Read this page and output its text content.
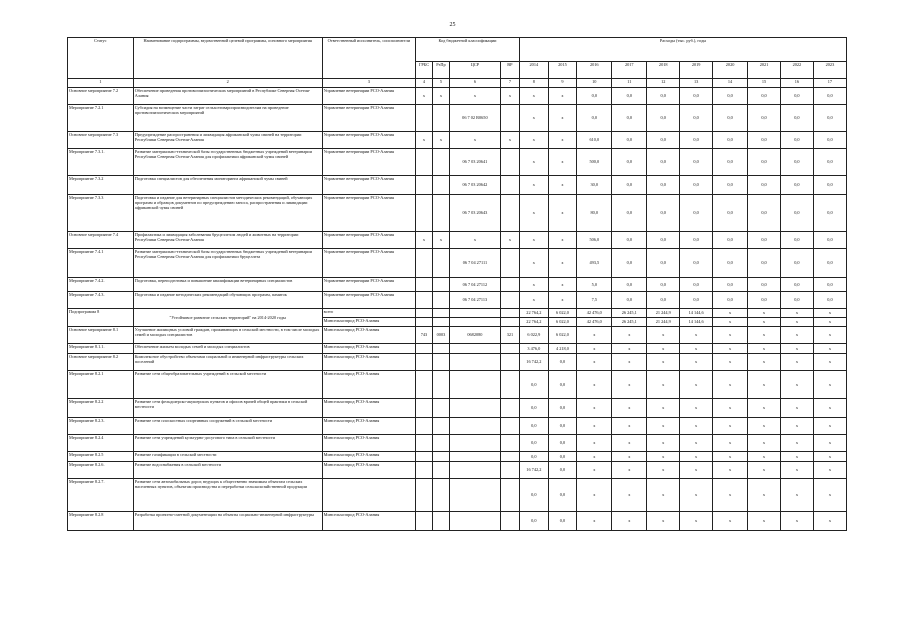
25
Статус	Наименование подпрограммы, ведомственной целевой программы, основного мероприятия	Ответственный исполнитель, соисполнители	Код бюджетной классификации				Расходы (тыс. руб.), годы									
			ГРБС	РзПр	ЦСР	ВР	2014	2015	2016	2017	2018	2019	2020	2021	2022	2023
1	2	3	4	5	6	7	8	9	10	11	12	13	14	15	16	17
Основное мероприятие 7.2	Обеспечение проведения противоэпизоотических мероприятий в Республике Северная Осетия-Алания	Управление ветеринарии РСО-Алания	x	x	x	x	x	x	0,0	0,0	0,0	0,0	0,0	0,0	0,0	0,0
Мероприятие 7.2.1	Субсидия на возмещение части затрат сельхозтоваропроизводителям на проведение противоэпизоотических мероприятий	Управление ветеринарии РСО-Алания			06 7 02 R0650		x	x	0,0	0,0	0,0	0,0	0,0	0,0	0,0	0,0
Основное мероприятие 7.3	Предупреждение распространения и ликвидация африканской чумы свиней на территории Республики Северная Осетия-Алания	Управление ветеринарии РСО-Алания	x	x	x	x	x	x	610,0	0,0	0,0	0,0	0,0	0,0	0,0	0,0
Мероприятие 7.3.1.	Развитие материально-технической базы государственных бюджетных учреждений ветеринарии Республики Северная Осетия-Алания для профилактики африканской чумы свиней	Управление ветеринарии РСО-Алания			06 7 03 20641		x	x	500,0	0,0	0,0	0,0	0,0	0,0	0,0	0,0
Мероприятие 7.3.2	Подготовка специалистов для обеспечения мониторинга африканской чумы свиней	Управление ветеринарии РСО-Алания			06 7 03 20642		x	x	30,0	0,0	0,0	0,0	0,0	0,0	0,0	0,0
Мероприятие 7.3.3	Подготовка и издание для ветеринарных специалистов методических рекомендаций, обучающих программ и образцов документов по предупреждению заноса, распространения и ликвидации африканской чумы свиней	Управление ветеринарии РСО-Алания			06 7 03 20643		x	x	80,0	0,0	0,0	0,0	0,0	0,0	0,0	0,0
Основное мероприятие 7.4	Профилактика и ликвидация заболевания бруцеллезом людей и животных на территории Республики Северная Осетия-Алания	Управление ветеринарии РСО-Алания	x	x	x	x	x	x	506,0	0,0	0,0	0,0	0,0	0,0	0,0	0,0
Мероприятие 7.4.1	Развитие материально-технической базы государственных бюджетных учреждений ветеринарии Республики Северная Осетия-Алания для профилактики бруцеллеза	Управление ветеринарии РСО-Алания			06 7 04 27111		x	x	493,5	0,0	0,0	0,0	0,0	0,0	0,0	0,0
Мероприятие 7.4.2.	Подготовка, переподготовка и повышение квалификации ветеринарных специалистов	Управление ветеринарии РСО-Алания			06 7 04 27112		x	x	5,0	0,0	0,0	0,0	0,0	0,0	0,0	0,0
Мероприятие 7.4.3.	Подготовка и издание методических рекомендаций обучающих программ, памяток	Управление ветеринарии РСО-Алания			06 7 04 27113		x	x	7,5	0,0	0,0	0,0	0,0	0,0	0,0	0,0
Подпрограмма 8	"Устойчивое развитие сельских территорий" на 2014-2020 годы	всего					22 764,2	6 022,0	42 476,0	26 245,1	21 244,9	14 144,6	x	x	x	x
		Минсельхозпрод РСО-Алания					22 764,2	6 022,0	42 476,0	26 245,1	21 244,9	14 144,6	x	x	x	x
Основное мероприятие 8.1	Улучшение жилищных условий граждан, проживающих в сельской местности, в том числе молодых семей и молодых специалистов	Минсельхозпрод РСО-Алания	743	0003	0682080	321	6 022,9	6 022,0	x	x	x	x	x	x	x	x
Мероприятие 8.1.1.	Обеспечение жильем молодых семей и молодых специалистов	Минсельхозпрод РСО-Алания					3 476,0	4 218,0	x	x	x	x	x	x	x	x
Основное мероприятие 8.2	Комплексное обустройство объектами социальной и инженерной инфраструктуры сельских поселений	Минсельхозпрод РСО-Алания					16 742,2	0,0	x	x	x	x	x	x	x	x
Мероприятие 8.2.1	Развитие сети общеобразовательных учреждений в сельской местности	Минсельхозпрод РСО-Алания					0,0	0,0	x	x	x	x	x	x	x	x
Мероприятие 8.2.2	Развитие сети фельдшерско-акушерских пунктов и офисов врачей общей практики в сельской местности	Минсельхозпрод РСО-Алания					0,0	0,0	x	x	x	x	x	x	x	x
Мероприятие 8.2.3.	Развитие сети плоскостных спортивных сооружений в сельской местности	Минсельхозпрод РСО-Алания					0,0	0,0	x	x	x	x	x	x	x	x
Мероприятие 8.2.4	Развитие сети учреждений культурно-досугового типа в сельской местности	Минсельхозпрод РСО-Алания					0,0	0,0	x	x	x	x	x	x	x	x
Мероприятие 8.2.5	Развитие газификации в сельской местности	Минсельхозпрод РСО-Алания					0,0	0,0	x	x	x	x	x	x	x	x
Мероприятие 8.2.6.	Развитие водоснабжения в сельской местности	Минсельхозпрод РСО-Алания					16 742,2	0,0	x	x	x	x	x	x	x	x
Мероприятие 8.2.7.	Развитие сети автомобильных дорог, ведущих к общественно значимым объектам сельских населенных пунктов, объектам производства и переработки сельскохозяйственной продукции						0,0	0,0	x	x	x	x	x	x	x	x
Мероприятие 8.2.8	Разработка проектно-сметной документации на объекты социально-инженерной инфраструктуры	Минсельхозпрод РСО-Алания					0,0	0,0	x	x	x	x	x	x	x	x
